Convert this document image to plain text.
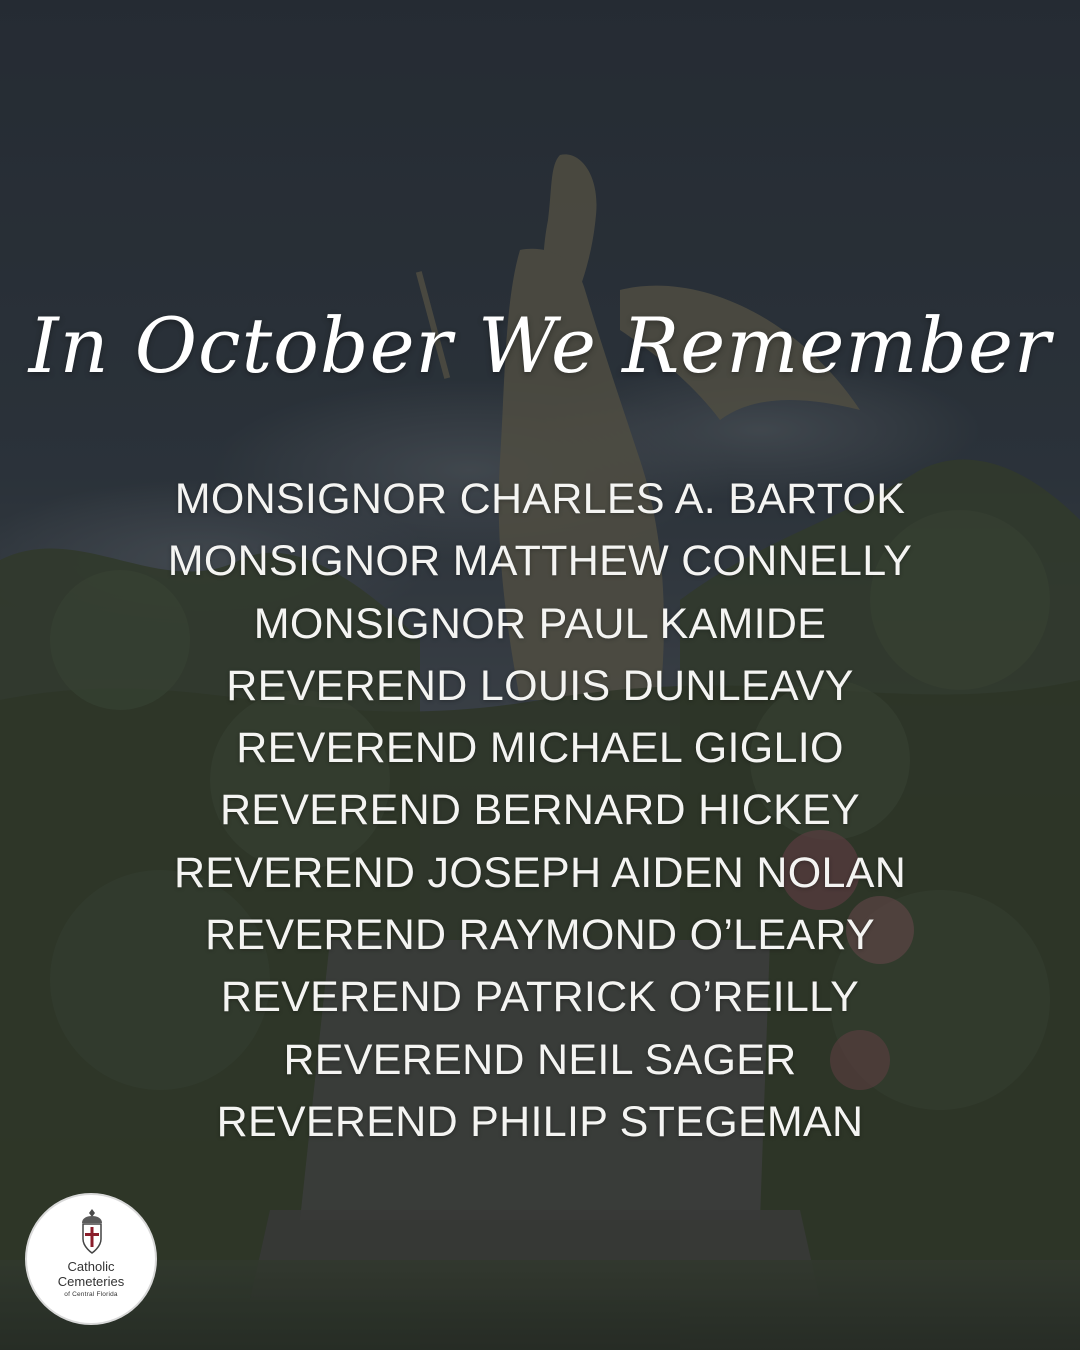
In October We Remember
MONSIGNOR CHARLES A. BARTOK
MONSIGNOR MATTHEW CONNELLY
MONSIGNOR PAUL KAMIDE
REVEREND LOUIS DUNLEAVY
REVEREND MICHAEL GIGLIO
REVEREND BERNARD HICKEY
REVEREND JOSEPH AIDEN NOLAN
REVEREND RAYMOND O’LEARY
REVEREND PATRICK O’REILLY
REVEREND NEIL SAGER
REVEREND PHILIP STEGEMAN
Catholic
Cemeteries
of Central Florida
